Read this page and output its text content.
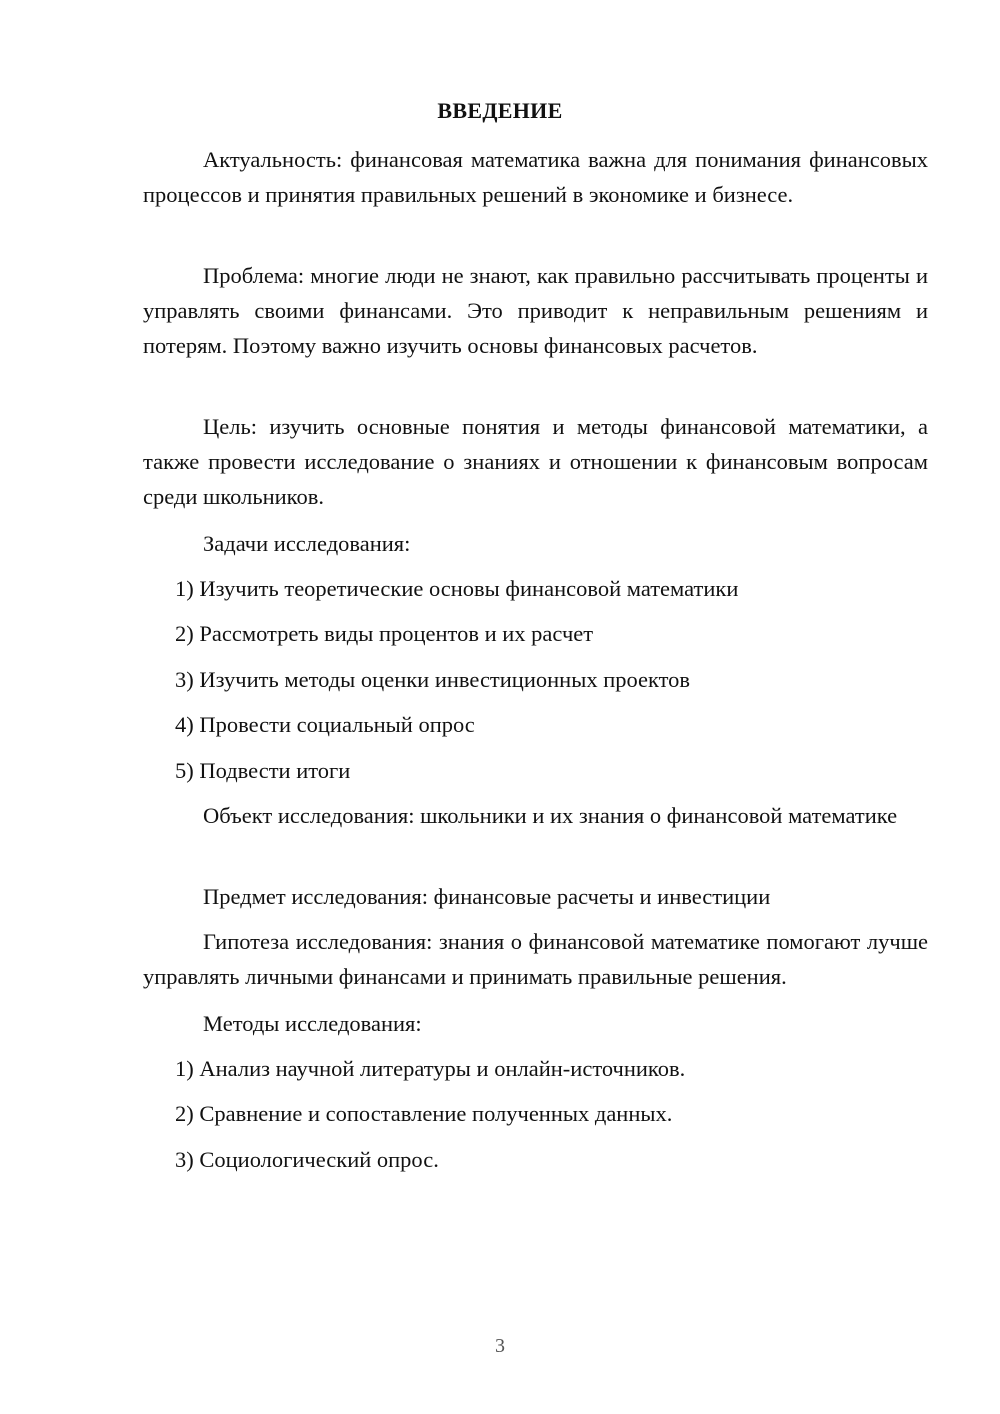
ВВЕДЕНИЕ

Актуальность: финансовая математика важна для понимания финансовых процессов и принятия правильных решений в экономике и бизнесе.

Проблема: многие люди не знают, как правильно рассчитывать проценты и управлять своими финансами. Это приводит к неправильным решениям и потерям. Поэтому важно изучить основы финансовых расчетов.

Цель: изучить основные понятия и методы финансовой математики, а также провести исследование о знаниях и отношении к финансовым вопросам среди школьников.

Задачи исследования:

1) Изучить теоретические основы финансовой математики

2) Рассмотреть виды процентов и их расчет

3) Изучить методы оценки инвестиционных проектов

4) Провести социальный опрос

5) Подвести итоги

Объект исследования: школьники и их знания о финансовой математике

Предмет исследования: финансовые расчеты и инвестиции

Гипотеза исследования: знания о финансовой математике помогают лучше управлять личными финансами и принимать правильные решения.

Методы исследования:

1) Анализ научной литературы и онлайн-источников.

2) Сравнение и сопоставление полученных данных.

3) Социологический опрос.

3
